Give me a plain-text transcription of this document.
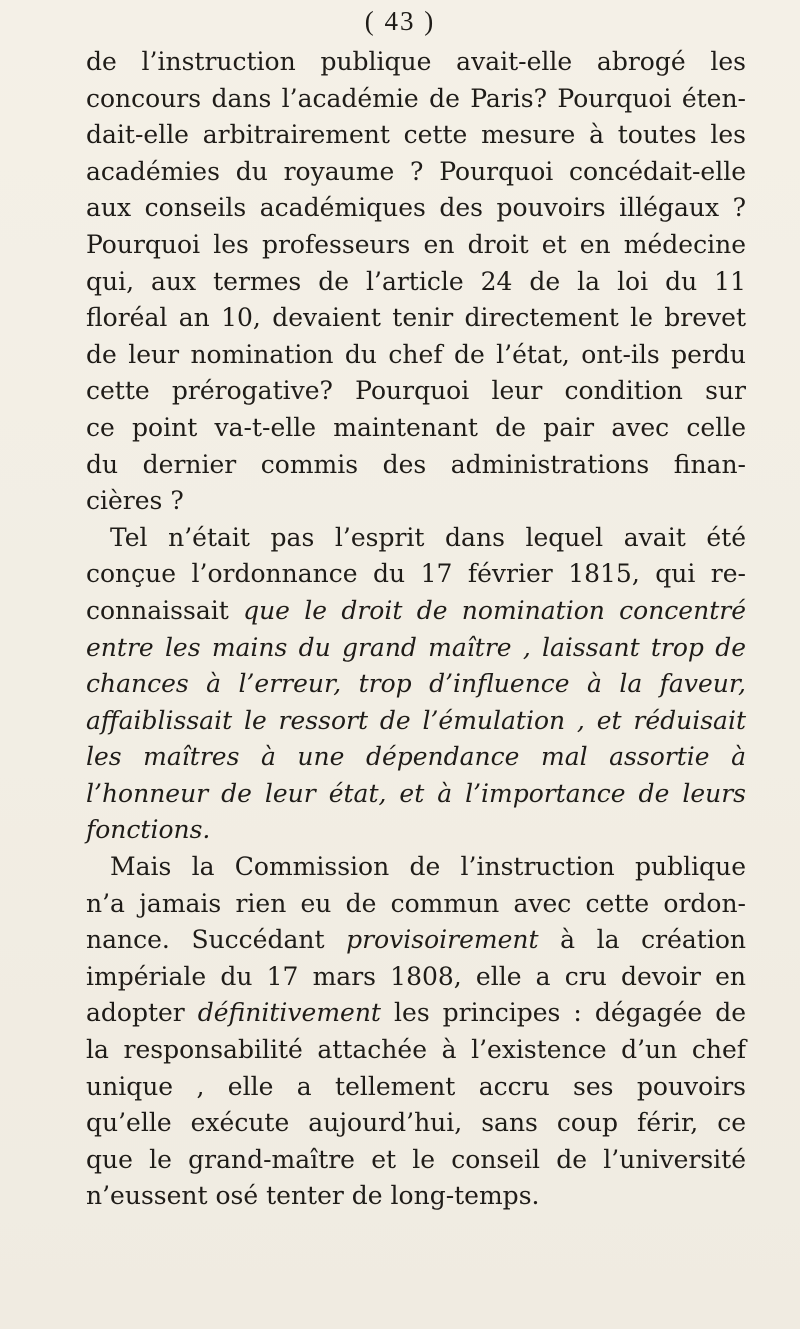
( 43 )
de l’instruction publique avait-elle abrogé les
concours dans l’académie de Paris? Pourquoi éten-
dait-elle arbitrairement cette mesure à toutes les
académies du royaume ? Pourquoi concédait-elle
aux conseils académiques des pouvoirs illégaux ?
Pourquoi les professeurs en droit et en médecine
qui, aux termes de l’article 24 de la loi du 11
floréal an 10, devaient tenir directement le brevet
de leur nomination du chef de l’état, ont-ils perdu
cette prérogative? Pourquoi leur condition sur
ce point va-t-elle maintenant de pair avec celle
du dernier commis des administrations finan-
cières ?
Tel n’était pas l’esprit dans lequel avait été
conçue l’ordonnance du 17 février 1815, qui re-
connaissait que le droit de nomination concentré
entre les mains du grand maître , laissant trop de
chances à l’erreur, trop d’influence à la faveur,
affaiblissait le ressort de l’émulation , et réduisait
les maîtres à une dépendance mal assortie à
l’honneur de leur état, et à l’importance de leurs
fonctions.
Mais la Commission de l’instruction publique
n’a jamais rien eu de commun avec cette ordon-
nance. Succédant provisoirement à la création
impériale du 17 mars 1808, elle a cru devoir en
adopter définitivement les principes : dégagée de
la responsabilité attachée à l’existence d’un chef
unique , elle a tellement accru ses pouvoirs
qu’elle exécute aujourd’hui, sans coup férir, ce
que le grand-maître et le conseil de l’université
n’eussent osé tenter de long-temps.
